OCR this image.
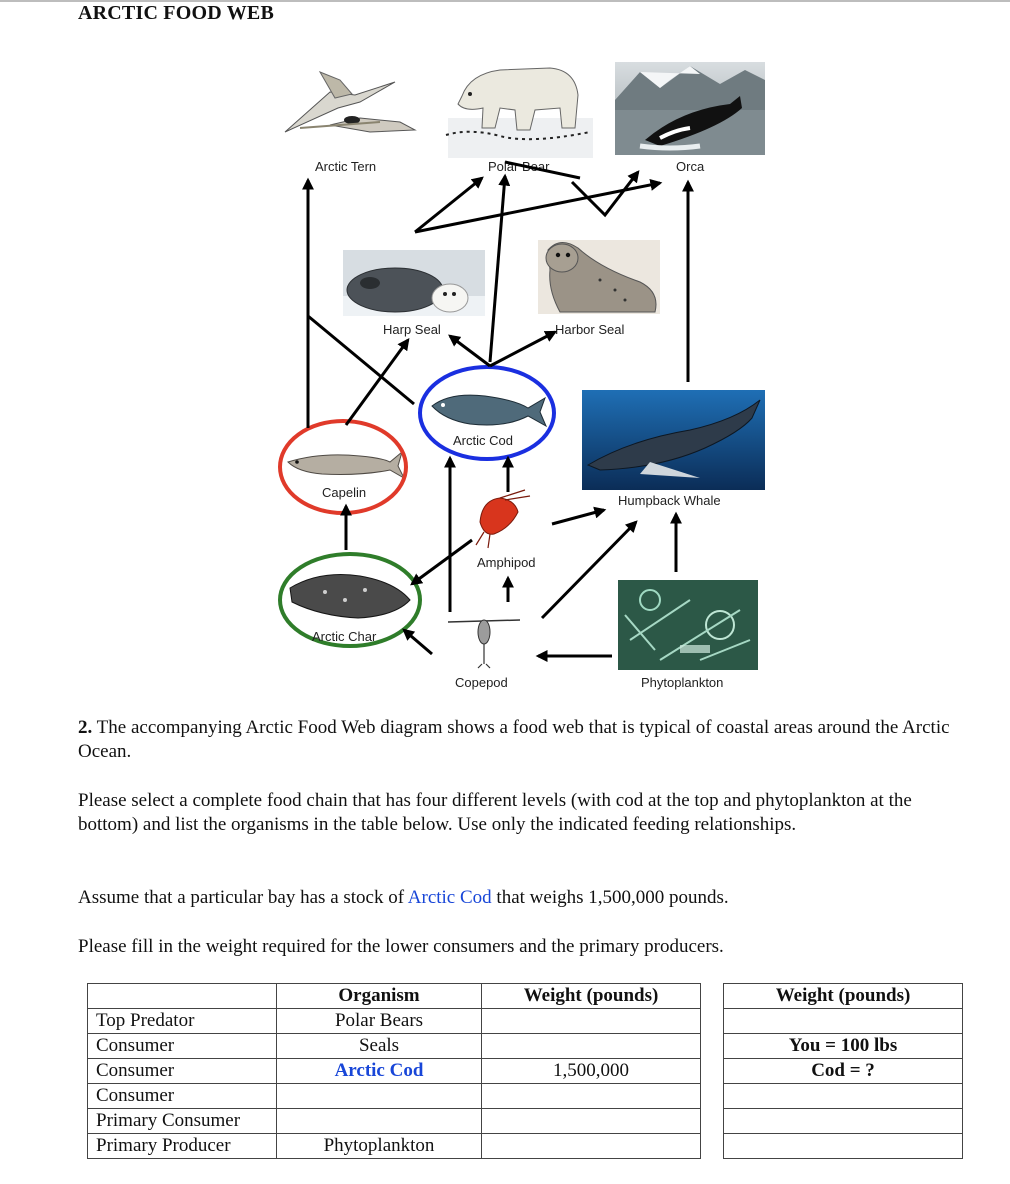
ARCTIC FOOD WEB
Arctic Tern	Polar Bear	Orca
Harp Seal	Harbor Seal
Arctic Cod
Humpback Whale
Capelin
Amphipod
Arctic Char
Copepod	Phytoplankton

2. The accompanying Arctic Food Web diagram shows a food web that is typical of coastal areas around the Arctic Ocean.

Please select a complete food chain that has four different levels (with cod at the top and phytoplankton at the bottom) and list the organisms in the table below. Use only the indicated feeding relationships.

Assume that a particular bay has a stock of Arctic Cod that weighs 1,500,000 pounds.

Please fill in the weight required for the lower consumers and the primary producers.

	Organism	Weight (pounds)		Weight (pounds)
Top Predator	Polar Bears			
Consumer	Seals			You = 100 lbs
Consumer	Arctic Cod	1,500,000		Cod = ?
Consumer				
Primary Consumer				
Primary Producer	Phytoplankton			
